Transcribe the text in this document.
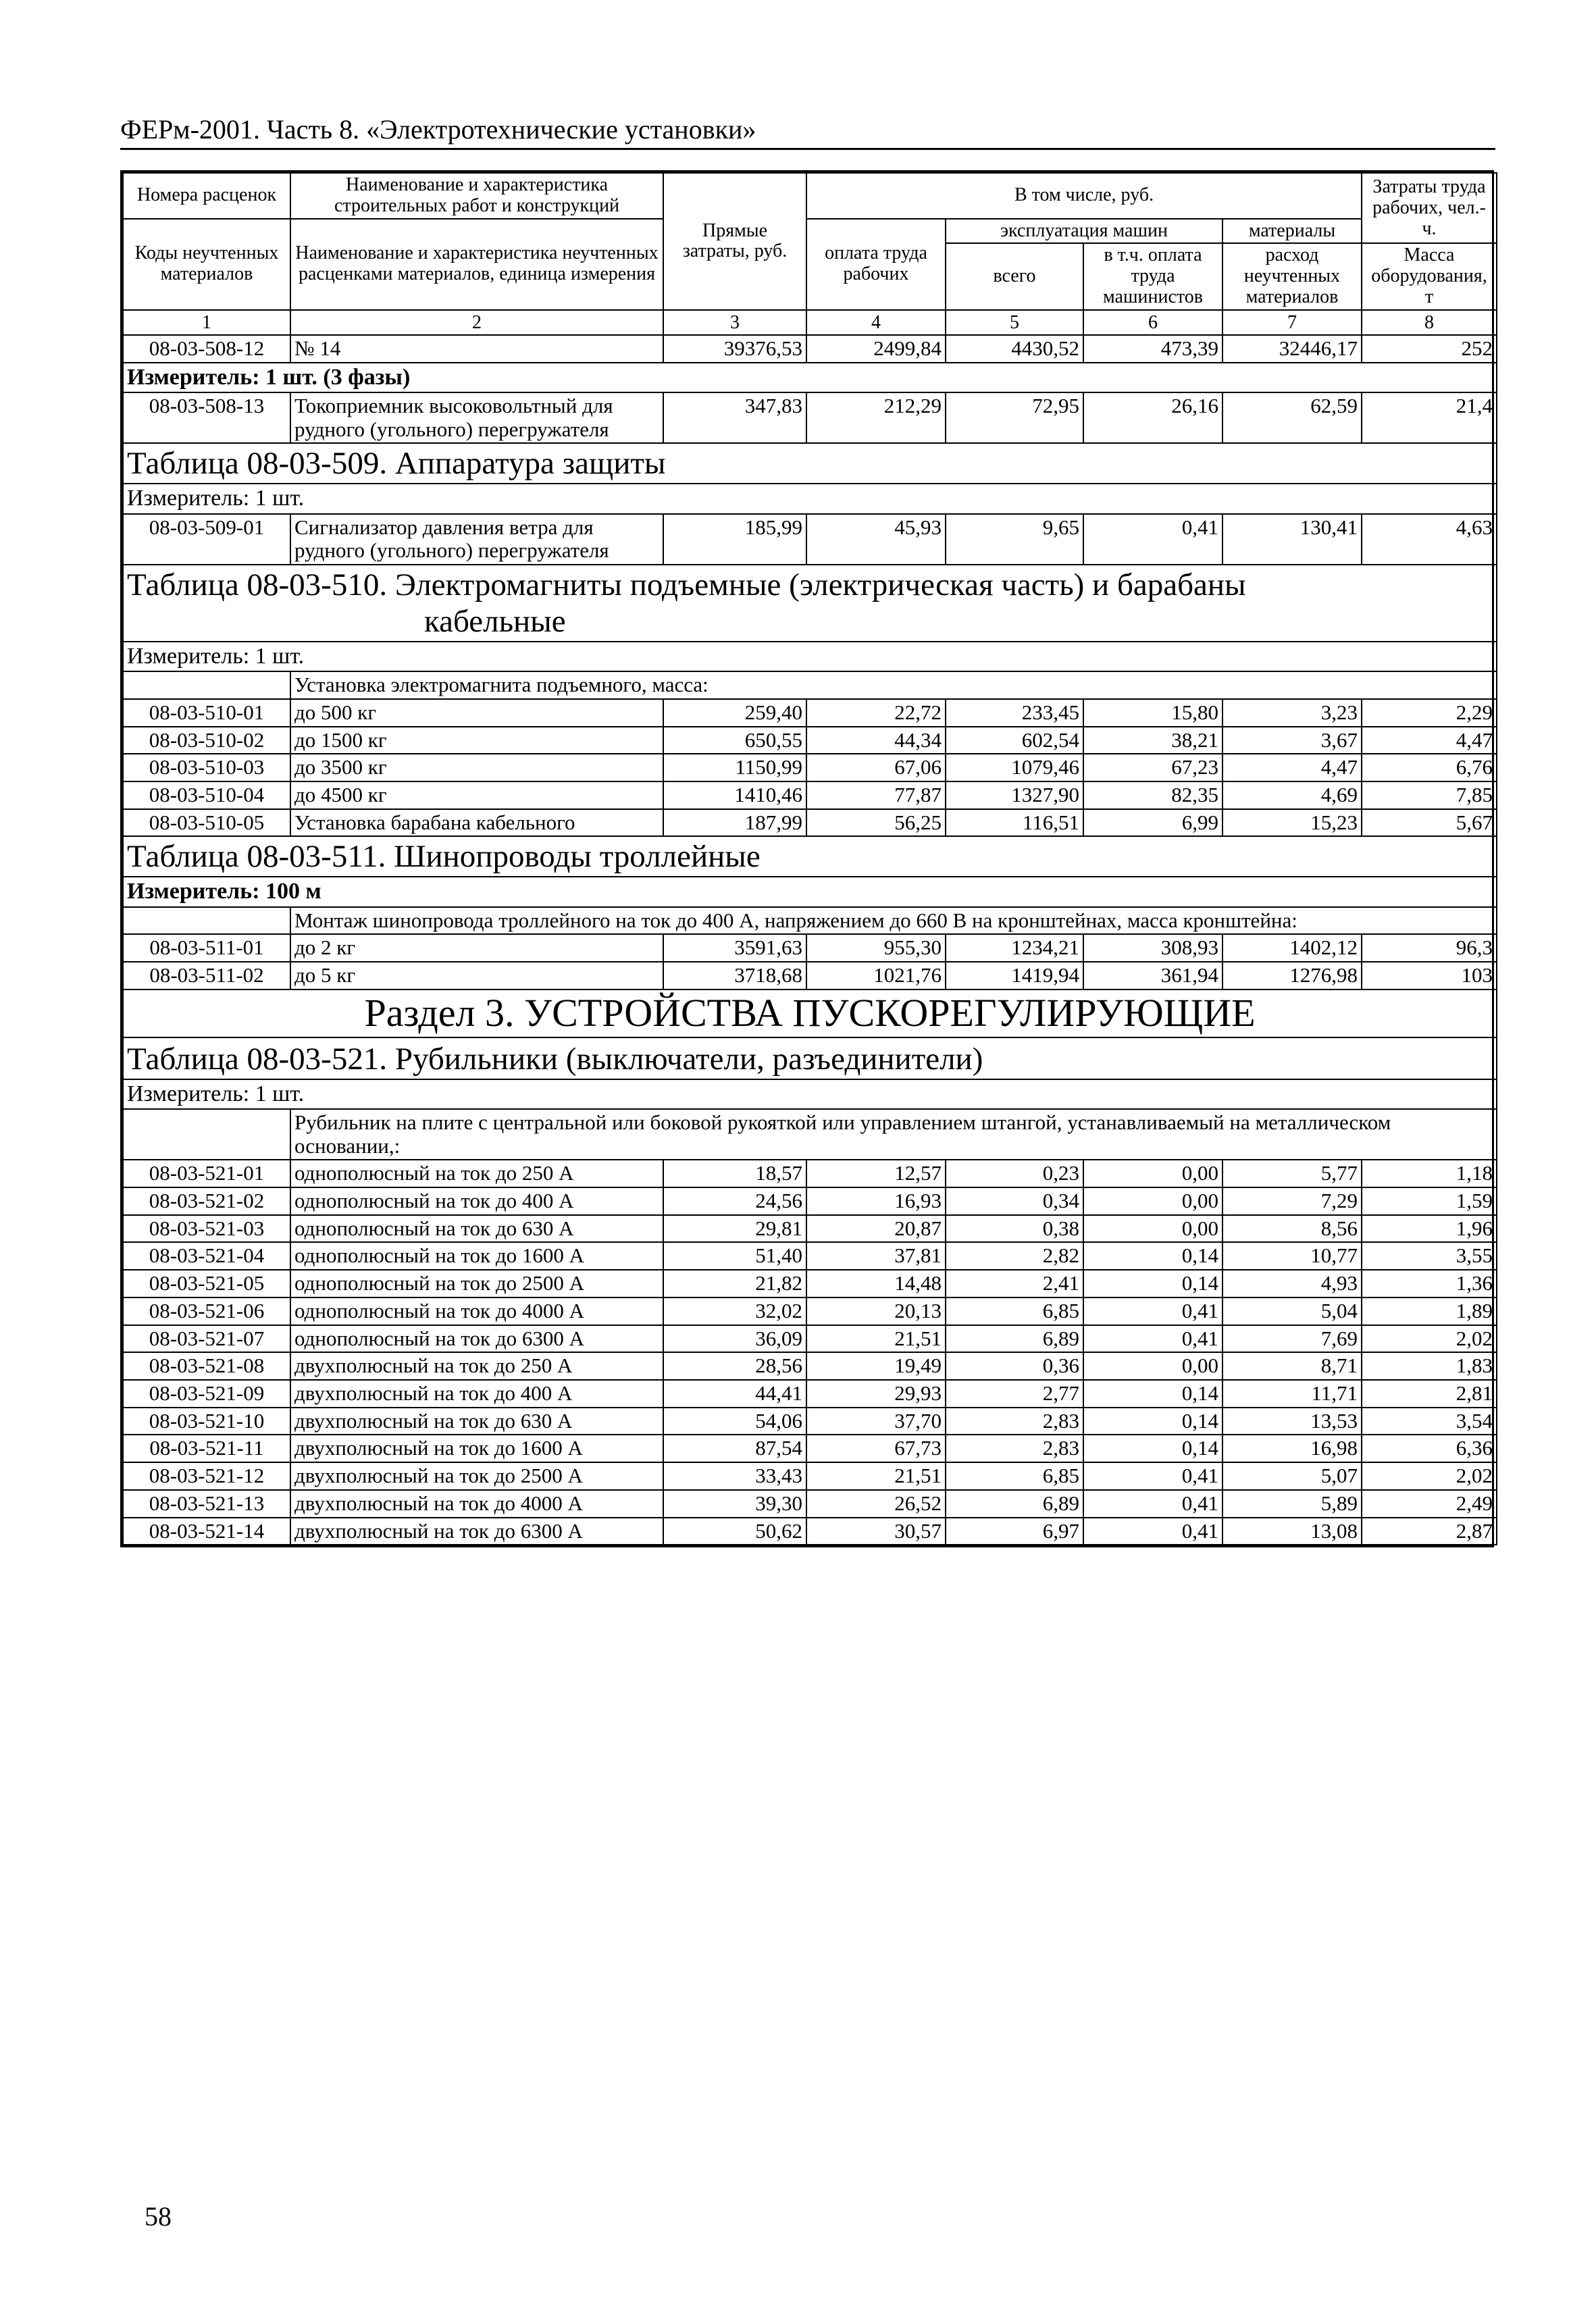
ФЕРм-2001. Часть 8. «Электротехнические установки»
Номера расценок	Наименование и характеристика строительных работ и конструкций	Прямые затраты, руб.	В том числе, руб.				Затраты труда рабочих, чел.-ч.
Коды неучтенных материалов	Наименование и характеристика неучтенных расценками материалов, единица измерения		оплата труда рабочих	эксплуатация машин		материалы	
				всего	в т.ч. оплата труда машинистов	расход неучтенных материалов	Масса оборудования, т
1	2	3	4	5	6	7	8
08-03-508-12	№ 14	39376,53	2499,84	4430,52	473,39	32446,17	252
Измеритель: 1 шт. (3 фазы)							
08-03-508-13	Токоприемник высоковольтный для рудного (угольного) перегружателя	347,83	212,29	72,95	26,16	62,59	21,4
Таблица 08-03-509. Аппаратура защиты							
Измеритель: 1 шт.							
08-03-509-01	Сигнализатор давления ветра для рудного (угольного) перегружателя	185,99	45,93	9,65	0,41	130,41	4,63
Таблица 08-03-510. Электромагниты подъемные (электрическая часть) и барабаны
кабельные							

Измеритель: 1 шт.							
	Установка электромагнита подъемного, масса:						
08-03-510-01	до 500 кг	259,40	22,72	233,45	15,80	3,23	2,29
08-03-510-02	до 1500 кг	650,55	44,34	602,54	38,21	3,67	4,47
08-03-510-03	до 3500 кг	1150,99	67,06	1079,46	67,23	4,47	6,76
08-03-510-04	до 4500 кг	1410,46	77,87	1327,90	82,35	4,69	7,85
08-03-510-05	Установка барабана кабельного	187,99	56,25	116,51	6,99	15,23	5,67
Таблица 08-03-511. Шинопроводы троллейные							
Измеритель: 100 м							
	Монтаж шинопровода троллейного на ток до 400 А, напряжением до 660 В на кронштейнах, масса кронштейна:						
08-03-511-01	до 2 кг	3591,63	955,30	1234,21	308,93	1402,12	96,3
08-03-511-02	до 5 кг	3718,68	1021,76	1419,94	361,94	1276,98	103
Раздел 3. УСТРОЙСТВА ПУСКОРЕГУЛИРУЮЩИЕ							
Таблица 08-03-521. Рубильники (выключатели, разъединители)							
Измеритель: 1 шт.							
	Рубильник на плите с центральной или боковой рукояткой или управлением штангой, устанавливаемый на металлическом основании,:						
08-03-521-01	однополюсный на ток до 250 А	18,57	12,57	0,23	0,00	5,77	1,18
08-03-521-02	однополюсный на ток до 400 А	24,56	16,93	0,34	0,00	7,29	1,59
08-03-521-03	однополюсный на ток до 630 А	29,81	20,87	0,38	0,00	8,56	1,96
08-03-521-04	однополюсный на ток до 1600 А	51,40	37,81	2,82	0,14	10,77	3,55
08-03-521-05	однополюсный на ток до 2500 А	21,82	14,48	2,41	0,14	4,93	1,36
08-03-521-06	однополюсный на ток до 4000 А	32,02	20,13	6,85	0,41	5,04	1,89
08-03-521-07	однополюсный на ток до 6300 А	36,09	21,51	6,89	0,41	7,69	2,02
08-03-521-08	двухполюсный на ток до 250 А	28,56	19,49	0,36	0,00	8,71	1,83
08-03-521-09	двухполюсный на ток до 400 А	44,41	29,93	2,77	0,14	11,71	2,81
08-03-521-10	двухполюсный на ток до 630 А	54,06	37,70	2,83	0,14	13,53	3,54
08-03-521-11	двухполюсный на ток до 1600 А	87,54	67,73	2,83	0,14	16,98	6,36
08-03-521-12	двухполюсный на ток до 2500 А	33,43	21,51	6,85	0,41	5,07	2,02
08-03-521-13	двухполюсный на ток до 4000 А	39,30	26,52	6,89	0,41	5,89	2,49
08-03-521-14	двухполюсный на ток до 6300 А	50,62	30,57	6,97	0,41	13,08	2,87
58
